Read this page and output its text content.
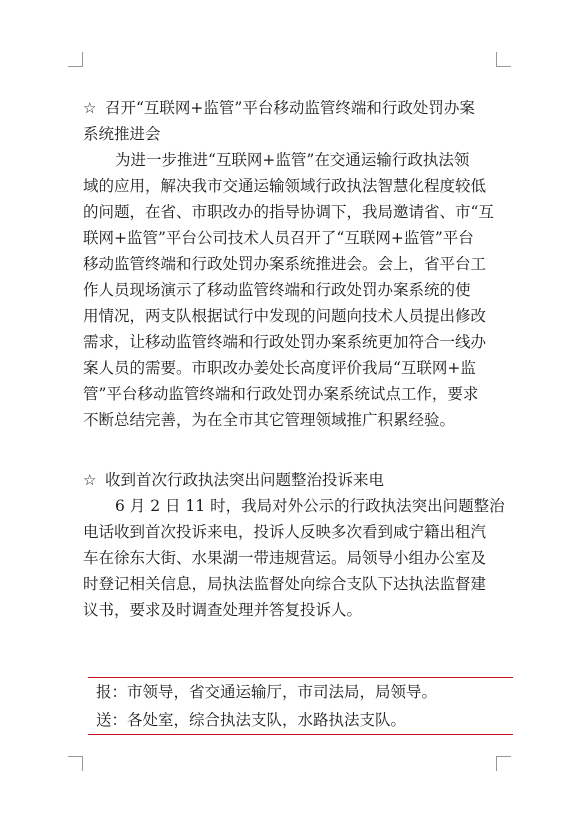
☆ 召开“互联网+监管”平台移动监管终端和行政处罚办案
系统推进会
为进一步推进“互联网+监管”在交通运输行政执法领
域的应用，解决我市交通运输领域行政执法智慧化程度较低
的问题，在省、市职改办的指导协调下，我局邀请省、市“互
联网+监管”平台公司技术人员召开了“互联网+监管”平台
移动监管终端和行政处罚办案系统推进会。会上，省平台工
作人员现场演示了移动监管终端和行政处罚办案系统的使
用情况，两支队根据试行中发现的问题向技术人员提出修改
需求，让移动监管终端和行政处罚办案系统更加符合一线办
案人员的需要。市职改办姜处长高度评价我局“互联网+监
管”平台移动监管终端和行政处罚办案系统试点工作，要求
不断总结完善，为在全市其它管理领域推广积累经验。
☆ 收到首次行政执法突出问题整治投诉来电
6 月 2 日 11 时，我局对外公示的行政执法突出问题整治
电话收到首次投诉来电，投诉人反映多次看到咸宁籍出租汽
车在徐东大街、水果湖一带违规营运。局领导小组办公室及
时登记相关信息，局执法监督处向综合支队下达执法监督建
议书，要求及时调查处理并答复投诉人。
报：市领导，省交通运输厅，市司法局，局领导。
送：各处室，综合执法支队，水路执法支队。
